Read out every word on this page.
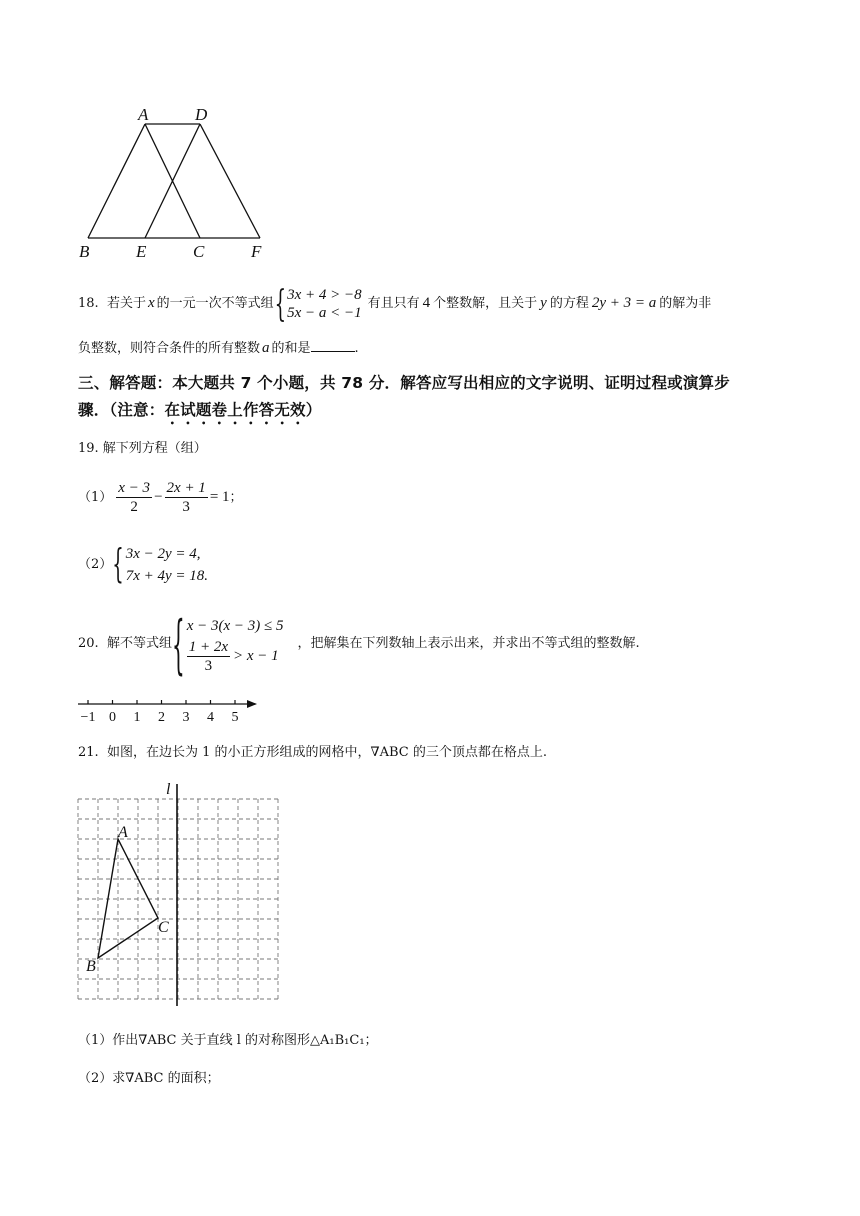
A	D
B	E	C	F
18.
若关于 x 的一元一次不等式组 { 3x + 4 > −8
5x − a < −1
有且只有 4 个整数解，且关于 y 的方程 2y + 3 = a 的解为非
负整数，则符合条件的所有整数 a 的和是	.
三、解答题：本大题共 7 个小题，共 78 分．解答应写出相应的文字说明、证明过程或演算步
骤．（注意：在试题卷上作答无效）
19. 解下列方程（组）
$(1) \frac{x - 3}{2} - \frac{2x + 1}{3} = 1$ ；
（2） { 3x − 2y = 4,
7x + 4y = 18.
20.
解不等式组 { x − 3(x − 3) ≤ 5
$\frac{1 + 2x}{3} > x - 1$
，把解集在下列数轴上表示出来，并求出不等式组的整数解.
−1 0 1 2 3 4 5
21. 如图，在边长为 1 的小正方形组成的网格中，∇ABC 的三个顶点都在格点上.
l
A
B
C
（1）作出∇ABC 关于直线 l 的对称图形△A₁B₁C₁；
（2）求∇ABC 的面积；
